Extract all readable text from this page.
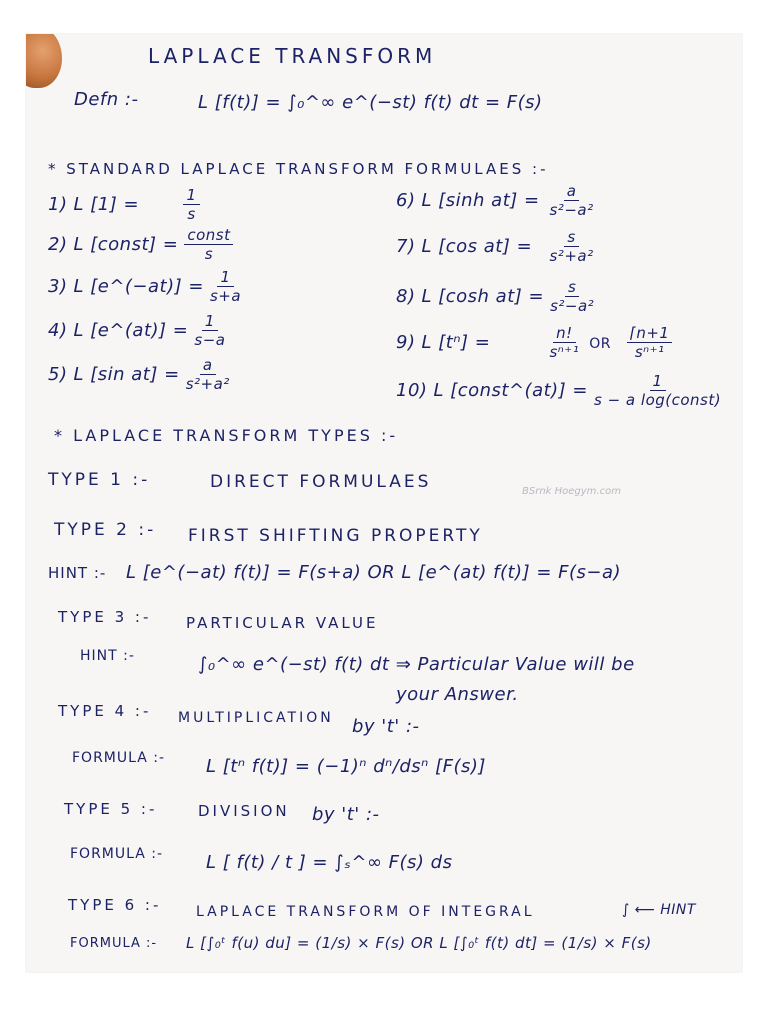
LAPLACE TRANSFORM
Defn :-	L [f(t)] = ∫₀^∞ e^(−st) f(t) dt = F(s)
* STANDARD LAPLACE TRANSFORM FORMULAES :-
1) L [1] =	$\frac{1}{s}$
2) L [const] = $\frac{\text{const}}{s}$
3) L [e^(−at)] = $\frac{1}{s+a}$
4) L [e^(at)] = $\frac{1}{s-a}$
5) L [sin $at] = \frac{a}{\text{s²+a²}}$
6) L [sinh $at] = \frac{a}{\text{s²−a²}}$
7) L [cos $at] = \frac{s}{\text{s²+a²}}$
8) L [cosh $at] = \frac{s}{\text{s²−a²}}$
9) L [tⁿ] =	$\frac{n!}{\text{sⁿ⁺¹}}$ OR $\frac{⌈n+1}{\text{sⁿ⁺¹}}$
10) L [const^(at)] = $\frac{1}{\text{s − a log(const)}}$
* LAPLACE TRANSFORM TYPES :-
TYPE 1 :-	DIRECT FORMULAES	BSrnk Hoegym.com
TYPE 2 :- FIRST SHIFTING PROPERTY
HINT :- L [e^(−at) f(t)] = F(s+a) OR L [e^(at) f(t)] = F(s−a)
TYPE 3 :- PARTICULAR VALUE
HINT :-	∫₀^∞ e^(−st) f(t) dt ⇒ Particular Value will be
your Answer.
TYPE 4 :- MULTIPLICATION by 't' :-
FORMULA :- L [tⁿ f(t)] = (−1)ⁿ dⁿ/dsⁿ [F(s)]
TYPE 5 :-	DIVISION by 't' :-
FORMULA :- L [ f(t) / t ] = ∫ₛ^∞ F(s) ds
TYPE 6 :- LAPLACE TRANSFORM OF INTEGRAL	∫ ⟵ HINT
FORMULA :- L [∫₀ᵗ f(u) du] = (1/s) × F(s) OR L [∫₀ᵗ f(t) dt] = (1/s) × F(s)
